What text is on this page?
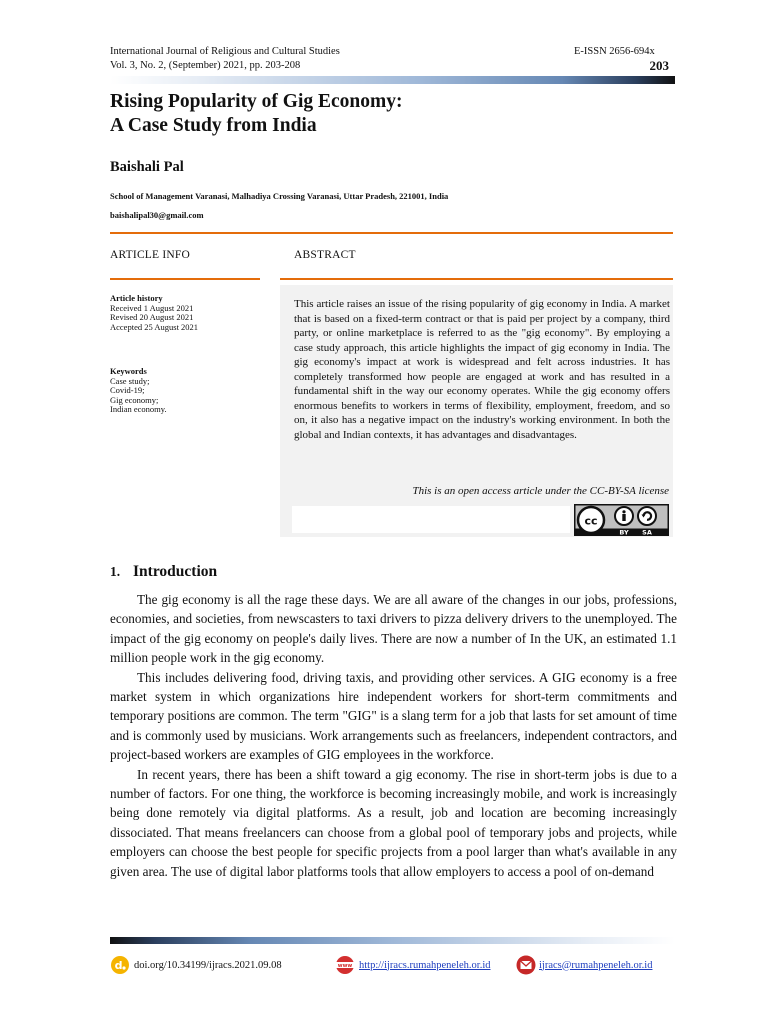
International Journal of Religious and Cultural Studies
Vol. 3, No. 2, (September) 2021, pp. 203-208
E-ISSN 2656-694x
203
Rising Popularity of Gig Economy:
A Case Study from India
Baishali Pal
School of Management Varanasi, Malhadiya Crossing Varanasi, Uttar Pradesh, 221001, India
baishalipal30@gmail.com
ARTICLE INFO
Article history
Received 1 August 2021
Revised 20 August 2021
Accepted 25 August 2021
Keywords
Case study;
Covid-19;
Gig economy;
Indian economy.
ABSTRACT
This article raises an issue of the rising popularity of gig economy in India. A market that is based on a fixed-term contract or that is paid per project by a company, third party, or online marketplace is referred to as the "gig economy". By employing a case study approach, this article highlights the impact of gig economy in India. The gig economy's impact at work is widespread and felt across industries. It has completely transformed how people are engaged at work and has resulted in a fundamental shift in the way our economy operates. While the gig economy offers enormous benefits to workers in terms of flexibility, employment, freedom, and so on, it also has a negative impact on the industry's working environment. In both the global and Indian contexts, it has advantages and disadvantages.
This is an open access article under the CC-BY-SA license
cc
BY SA
1. Introduction

The gig economy is all the rage these days. We are all aware of the changes in our jobs, professions, economies, and societies, from newscasters to taxi drivers to pizza delivery drivers to the unemployed. The impact of the gig economy on people's daily lives. There are now a number of In the UK, an estimated 1.1 million people work in the gig economy.

This includes delivering food, driving taxis, and providing other services. A GIG economy is a free market system in which organizations hire independent workers for short-term commitments and temporary positions are common. The term "GIG" is a slang term for a job that lasts for set amount of time and is commonly used by musicians. Work arrangements such as freelancers, independent contractors, and project-based workers are examples of GIG employees in the workforce.

In recent years, there has been a shift toward a gig economy. The rise in short-term jobs is due to a number of factors. For one thing, the workforce is becoming increasingly mobile, and work is increasingly being done remotely via digital platforms. As a result, job and location are becoming increasingly dissociated. That means freelancers can choose from a global pool of temporary jobs and projects, while employers can choose the best people for specific projects from a pool larger than what's available in any given area. The use of digital labor platforms tools that allow employers to access a pool of on-demand

d doi.org/10.34199/ijracs.2021.09.08	www http://ijracs.rumahpeneleh.or.id	ijracs@rumahpeneleh.or.id
